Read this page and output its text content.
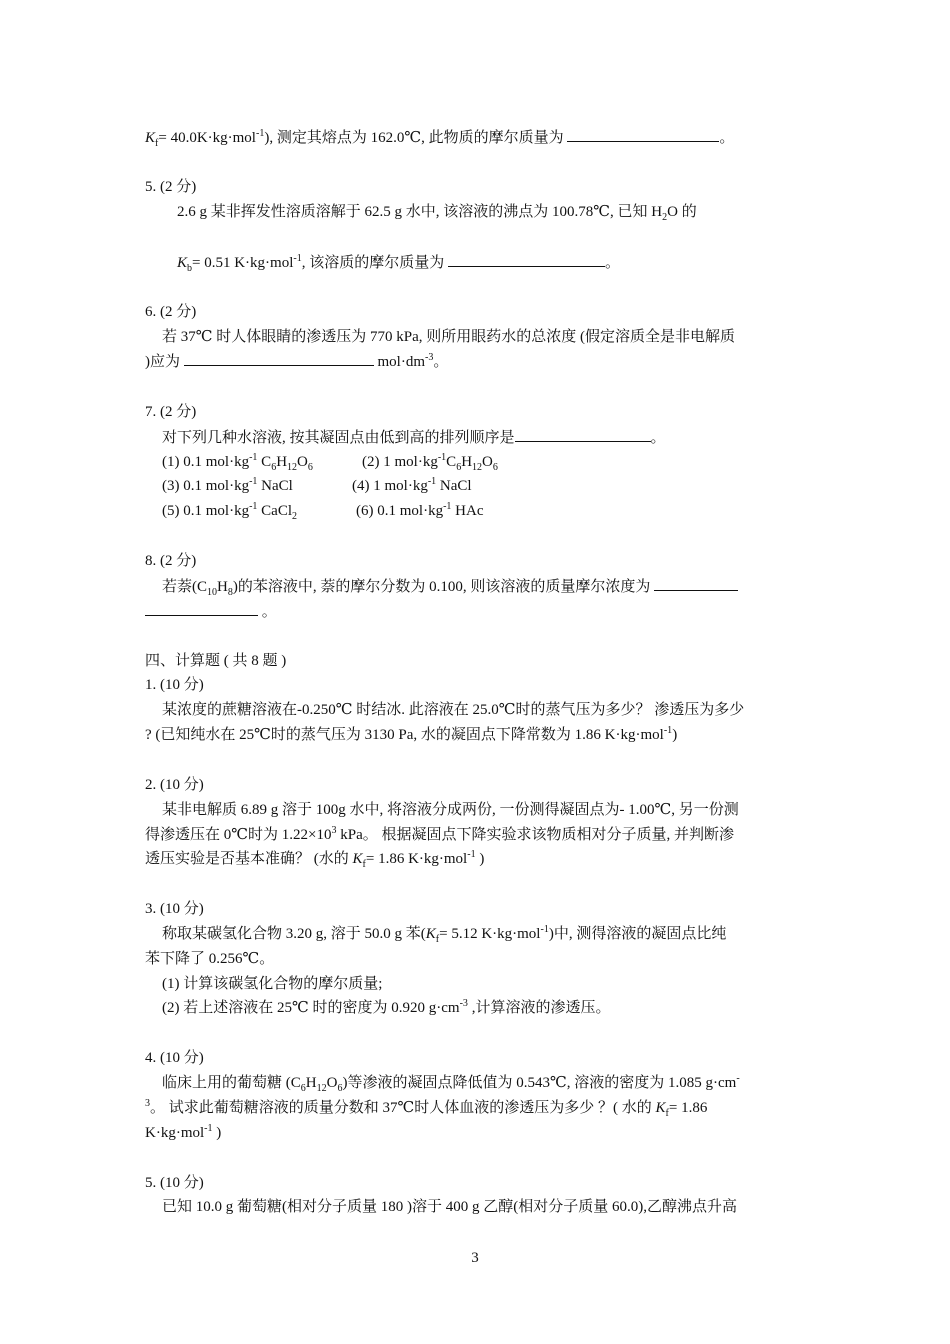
$K_f= 40.0K\cdot kg\cdot mol^{-1}$), 测定其熔点为 162.0℃, 此物质的摩尔质量为	。
5. (2 分)
2.6 g 某非挥发性溶质溶解于 62.5 g 水中, 该溶液的沸点为 100.78℃, 已知 $H_2O$ 的
$K_b= 0.51$ K·kg·mol$^{-1}$, 该溶质的摩尔质量为	。
6. (2 分)
若 37℃ 时人体眼睛的渗透压为 770 kPa, 则所用眼药水的总浓度 (假定溶质全是非电解质
)应为	$mol\cdot dm^{-3}$。
7. (2 分)
对下列几种水溶液, 按其凝固点由低到高的排列顺序是	。
(1) 0.1 $mol\cdot kg^{-1}$ $C_6H_{12}O_6$	(2) 1 $mol\cdot kg^{-1}C_6H_{12}O_6$
(3) 0.1 $mol\cdot kg^{-1}$ NaCl	(4) 1 $mol\cdot kg^{-1}$ NaCl
(5) 0.1 $mol\cdot kg^{-1}$ CaCl$_2$	(6) 0.1 $mol\cdot kg^{-1}$ HAc
8. (2 分)
若萘$(C_{10}H_8)$的苯溶液中, 萘的摩尔分数为 0.100, 则该溶液的质量摩尔浓度为
。
四、计算题 ( 共 8 题 )
1. (10 分)
某浓度的蔗糖溶液在-0.250℃ 时结冰. 此溶液在 25.0℃时的蒸气压为多少？ 渗透压为多少
? (已知纯水在 25℃时的蒸气压为 3130 Pa, 水的凝固点下降常数为 1.86 K·kg·mol$^{-1}$)
2. (10 分)
某非电解质 6.89 g 溶于 100g 水中, 将溶液分成两份, 一份测得凝固点为- 1.00℃, 另一份测
得渗透压在 0℃时为 $1.22\times 10^3$ kPa。 根据凝固点下降实验求该物质相对分子质量, 并判断渗
透压实验是否基本准确？ (水的 $K_f= 1.86$ K·kg·mol$^{-1}$ )
3. (10 分)
称取某碳氢化合物 3.20 g, 溶于 50.0 g 苯($K_f= 5.12$ K·kg·mol$^{-1}$)中, 测得溶液的凝固点比纯
苯下降了 0.256℃。
(1) 计算该碳氢化合物的摩尔质量;
(2) 若上述溶液在 25℃ 时的密度为 0.920 $g\cdot cm^{-3}$ ,计算溶液的渗透压。
4. (10 分)
临床上用的葡萄糖 $(C_6H_{12}O_6)$等渗液的凝固点降低值为 0.543℃, 溶液的密度为 1.085 g·cm-
$^3$。 试求此葡萄糖溶液的质量分数和 37℃时人体血液的渗透压为多少 ？( 水的 $K_f= 1.86$
K·kg·mol$^{-1}$ )
5. (10 分)
已知 10.0 g 葡萄糖(相对分子质量 180 )溶于 400 g 乙醇(相对分子质量 60.0),乙醇沸点升高
3
